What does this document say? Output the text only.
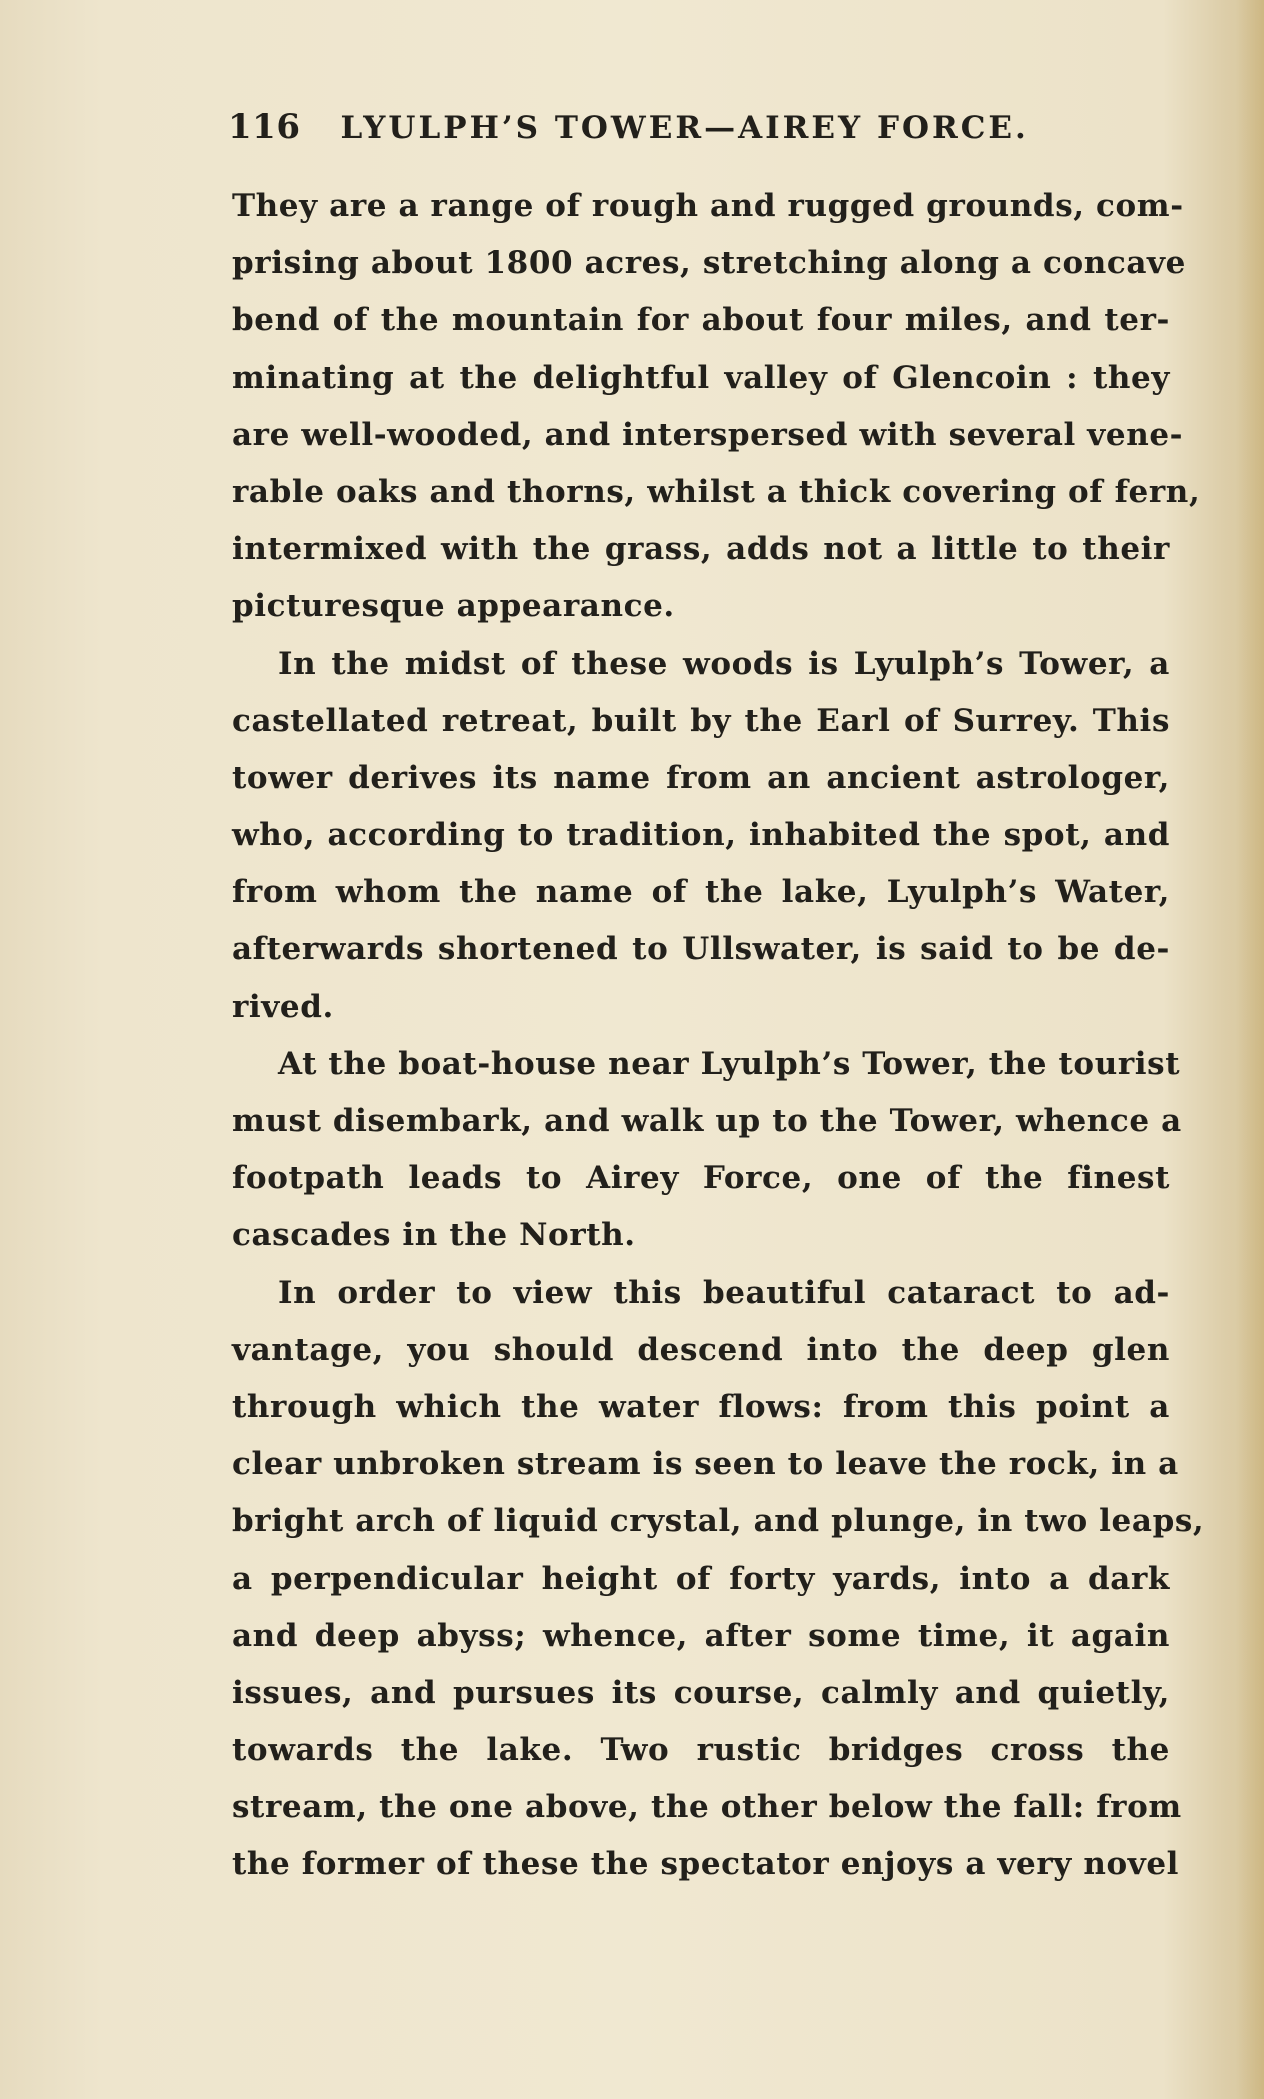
116 LYULPH’S TOWER—AIREY FORCE.
They are a range of rough and rugged grounds, com-
prising about 1800 acres, stretching along a concave
bend of the mountain for about four miles, and ter-
minating at the delightful valley of Glencoin : they
are well-wooded, and interspersed with several vene-
rable oaks and thorns, whilst a thick covering of fern,
intermixed with the grass, adds not a little to their
picturesque appearance.
In the midst of these woods is Lyulph’s Tower, a
castellated retreat, built by the Earl of Surrey. This
tower derives its name from an ancient astrologer,
who, according to tradition, inhabited the spot, and
from whom the name of the lake, Lyulph’s Water,
afterwards shortened to Ullswater, is said to be de-
rived.
At the boat-house near Lyulph’s Tower, the tourist
must disembark, and walk up to the Tower, whence a
footpath leads to Airey Force, one of the finest
cascades in the North.
In order to view this beautiful cataract to ad-
vantage, you should descend into the deep glen
through which the water flows: from this point a
clear unbroken stream is seen to leave the rock, in a
bright arch of liquid crystal, and plunge, in two leaps,
a perpendicular height of forty yards, into a dark
and deep abyss; whence, after some time, it again
issues, and pursues its course, calmly and quietly,
towards the lake. Two rustic bridges cross the
stream, the one above, the other below the fall: from
the former of these the spectator enjoys a very novel
